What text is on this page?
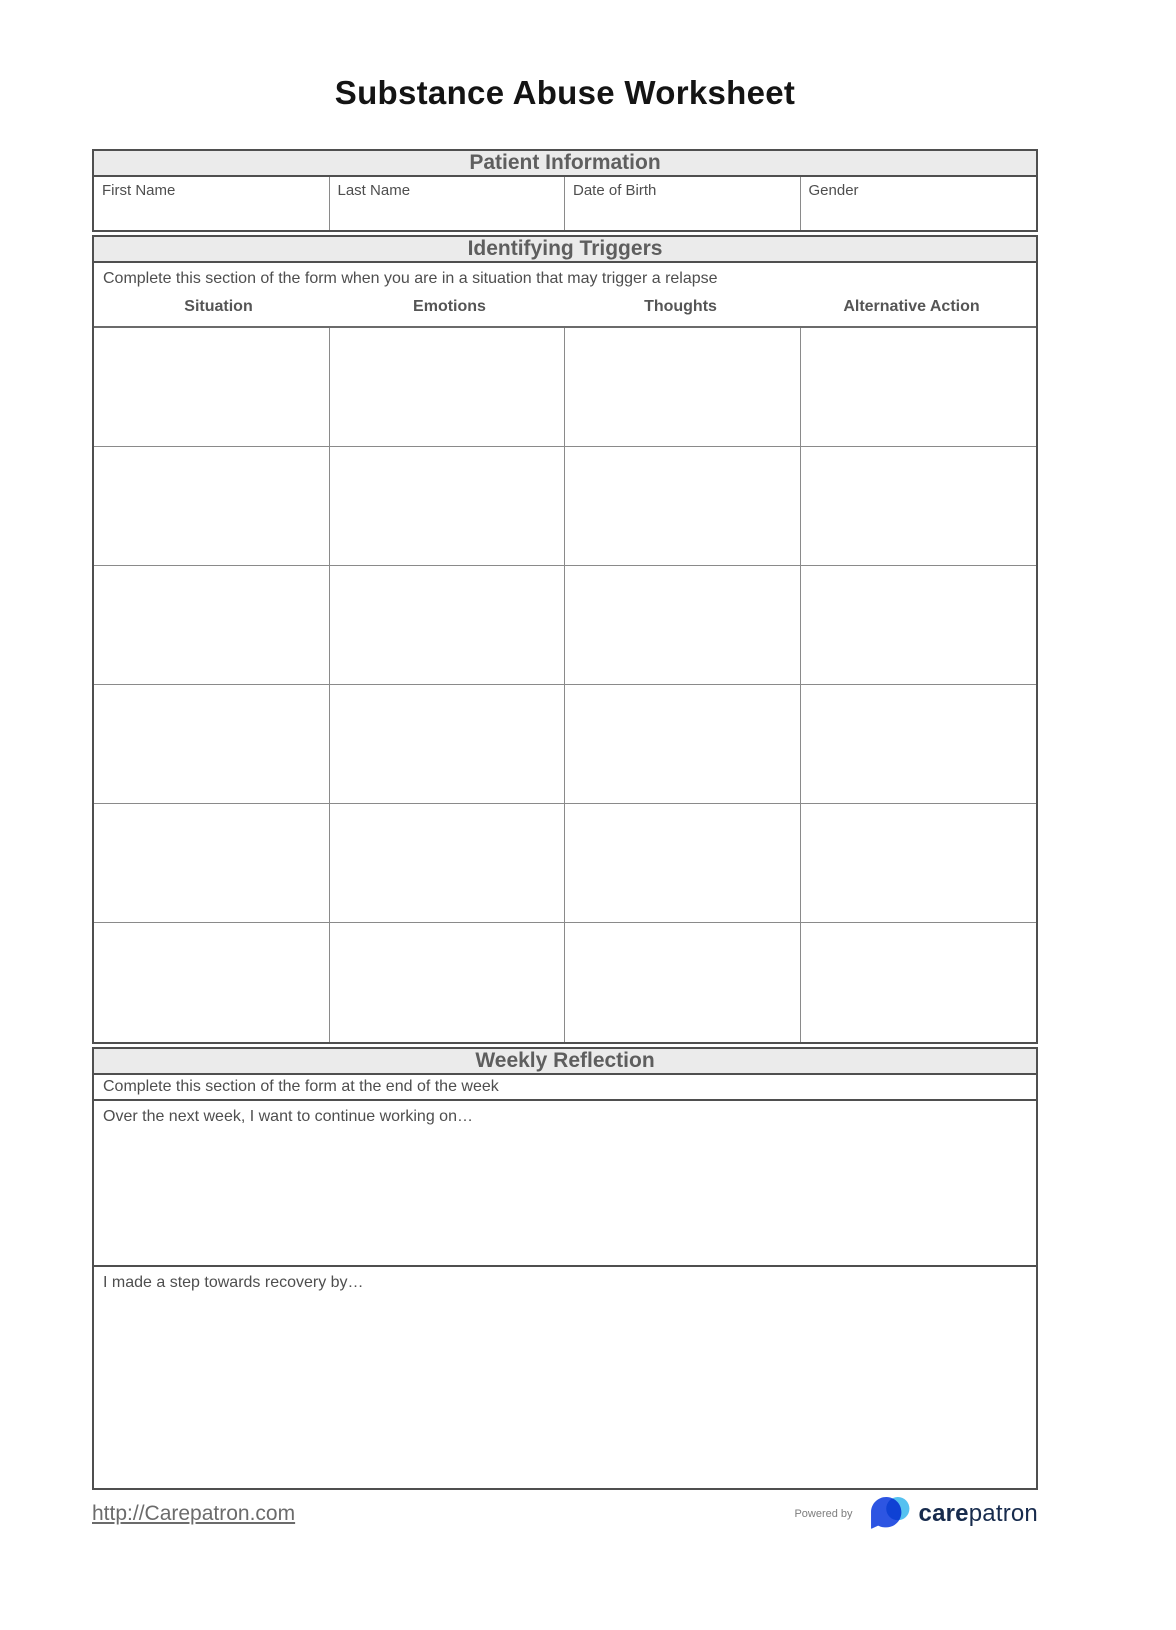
Substance Abuse Worksheet
Patient Information
First Name	Last Name	Date of Birth	Gender
Identifying Triggers
Complete this section of the form when you are in a situation that may trigger a relapse
Situation	Emotions	Thoughts	Alternative Action
Weekly Reflection
Complete this section of the form at the end of the week
Over the next week, I want to continue working on…
I made a step towards recovery by…
http://Carepatron.com	Powered by	carepatron
